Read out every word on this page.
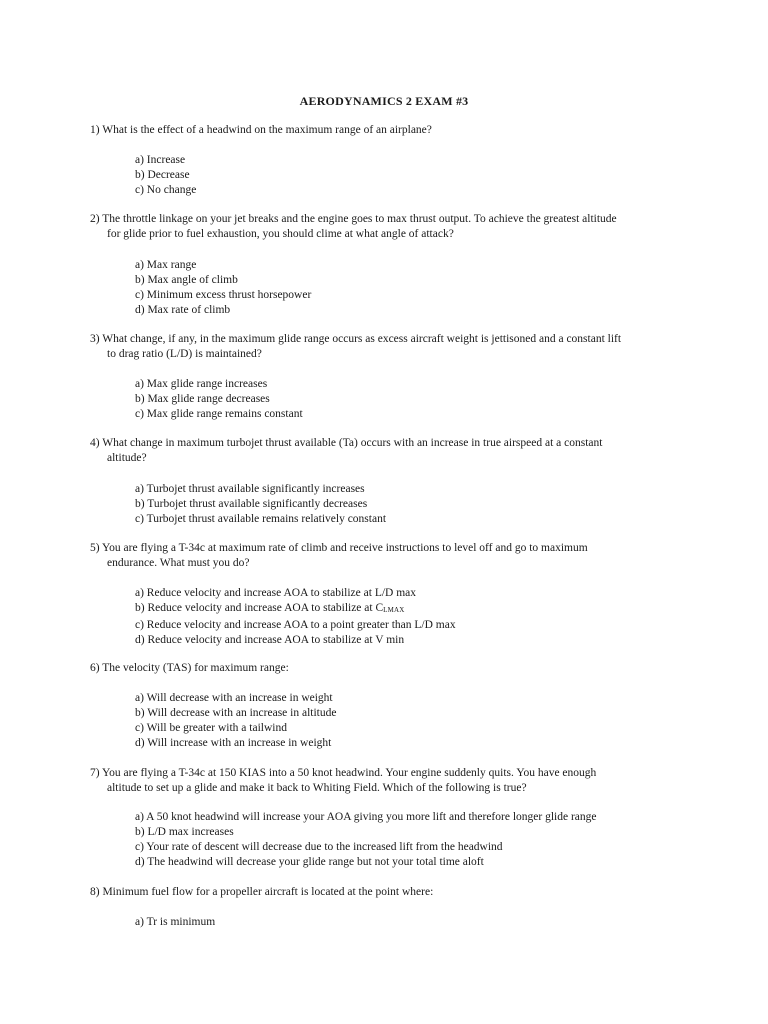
AERODYNAMICS 2 EXAM #3
1) What is the effect of a headwind on the maximum range of an airplane?
a) Increase
b) Decrease
c) No change
2) The throttle linkage on your jet breaks and the engine goes to max thrust output. To achieve the greatest altitude
for glide prior to fuel exhaustion, you should clime at what angle of attack?
a) Max range
b) Max angle of climb
c) Minimum excess thrust horsepower
d) Max rate of climb
3) What change, if any, in the maximum glide range occurs as excess aircraft weight is jettisoned and a constant lift
to drag ratio (L/D) is maintained?
a) Max glide range increases
b) Max glide range decreases
c) Max glide range remains constant
4) What change in maximum turbojet thrust available (Ta) occurs with an increase in true airspeed at a constant
altitude?
a) Turbojet thrust available significantly increases
b) Turbojet thrust available significantly decreases
c) Turbojet thrust available remains relatively constant
5) You are flying a T-34c at maximum rate of climb and receive instructions to level off and go to maximum
endurance. What must you do?
a) Reduce velocity and increase AOA to stabilize at L/D max
b) Reduce velocity and increase AOA to stabilize at CLMAX
c) Reduce velocity and increase AOA to a point greater than L/D max
d) Reduce velocity and increase AOA to stabilize at V min
6) The velocity (TAS) for maximum range:
a) Will decrease with an increase in weight
b) Will decrease with an increase in altitude
c) Will be greater with a tailwind
d) Will increase with an increase in weight
7) You are flying a T-34c at 150 KIAS into a 50 knot headwind. Your engine suddenly quits. You have enough
altitude to set up a glide and make it back to Whiting Field. Which of the following is true?
a) A 50 knot headwind will increase your AOA giving you more lift and therefore longer glide range
b) L/D max increases
c) Your rate of descent will decrease due to the increased lift from the headwind
d) The headwind will decrease your glide range but not your total time aloft
8) Minimum fuel flow for a propeller aircraft is located at the point where:
a) Tr is minimum
